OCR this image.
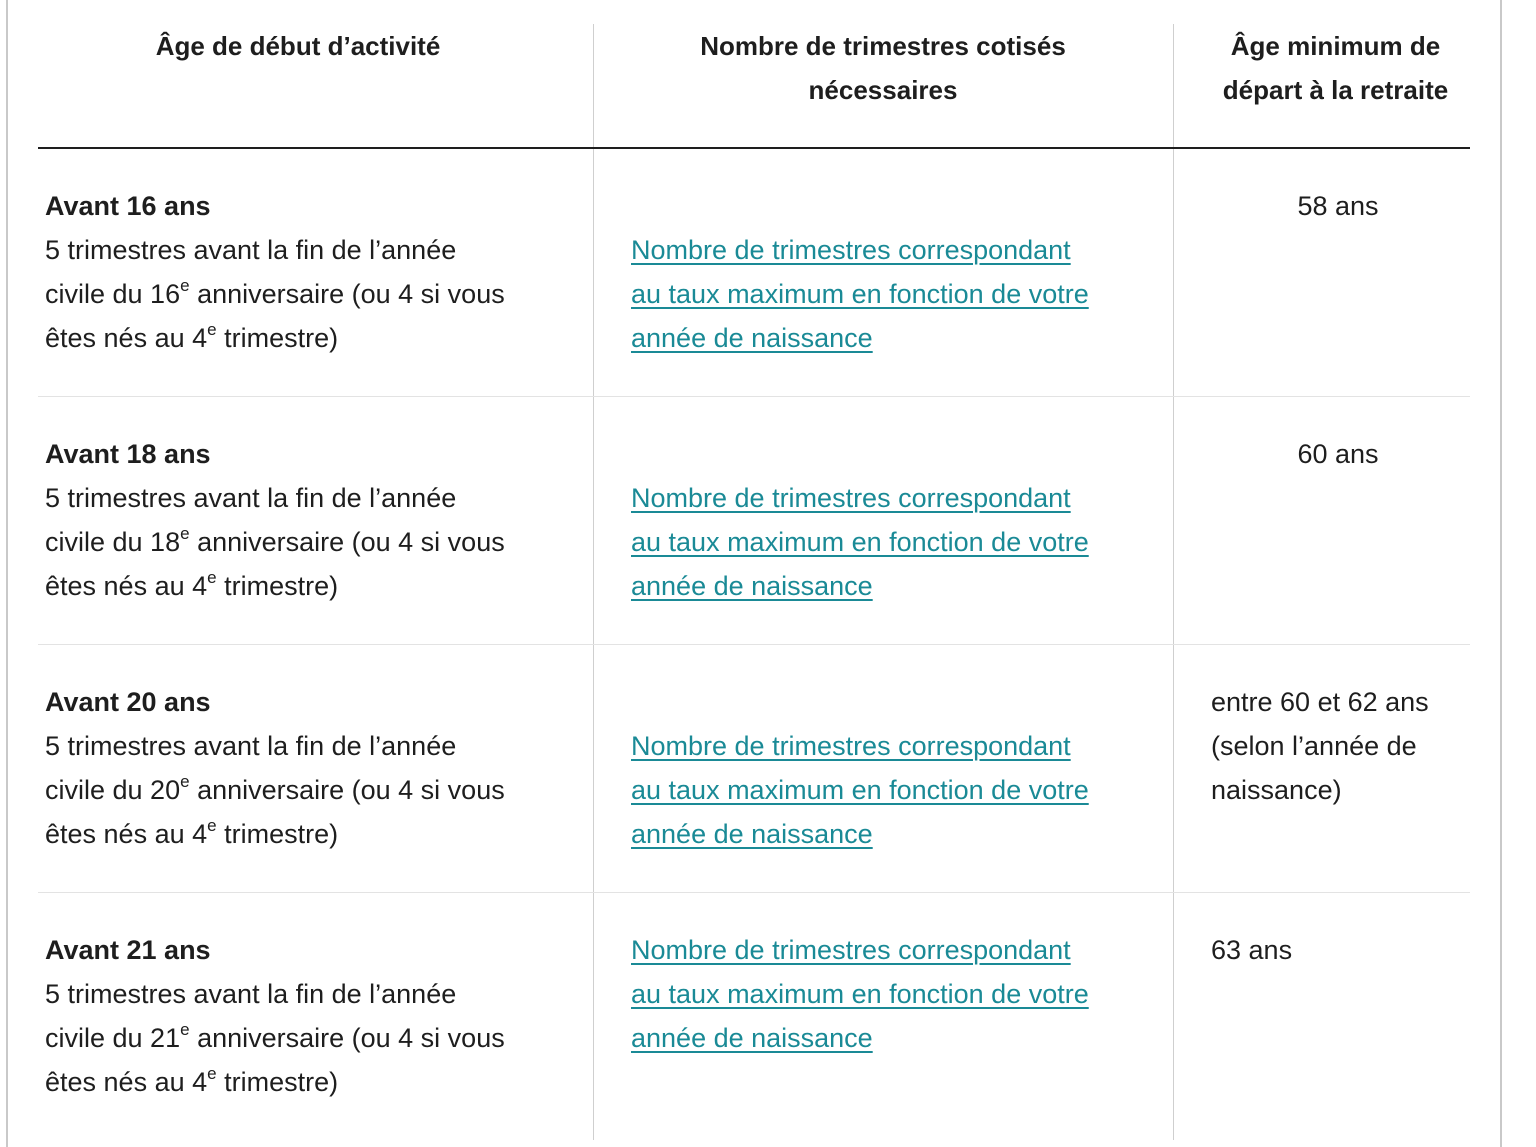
Âge de début d’activité	Nombre de trimestres cotisés
nécessaires
Âge minimum de
départ à la retraite
Avant 16 ans
5 trimestres avant la fin de l’année
civile du 16e anniversaire (ou 4 si vous
êtes nés au 4e trimestre)
Nombre de trimestres correspondant
au taux maximum en fonction de votre
année de naissance
58 ans
Avant 18 ans
5 trimestres avant la fin de l’année
civile du 18e anniversaire (ou 4 si vous
êtes nés au 4e trimestre)
Nombre de trimestres correspondant
au taux maximum en fonction de votre
année de naissance
60 ans
Avant 20 ans
5 trimestres avant la fin de l’année
civile du 20e anniversaire (ou 4 si vous
êtes nés au 4e trimestre)
Nombre de trimestres correspondant
au taux maximum en fonction de votre
année de naissance
entre 60 et 62 ans
(selon l’année de
naissance)
Avant 21 ans
5 trimestres avant la fin de l’année
civile du 21e anniversaire (ou 4 si vous
êtes nés au 4e trimestre)
Nombre de trimestres correspondant
au taux maximum en fonction de votre
année de naissance
63 ans
